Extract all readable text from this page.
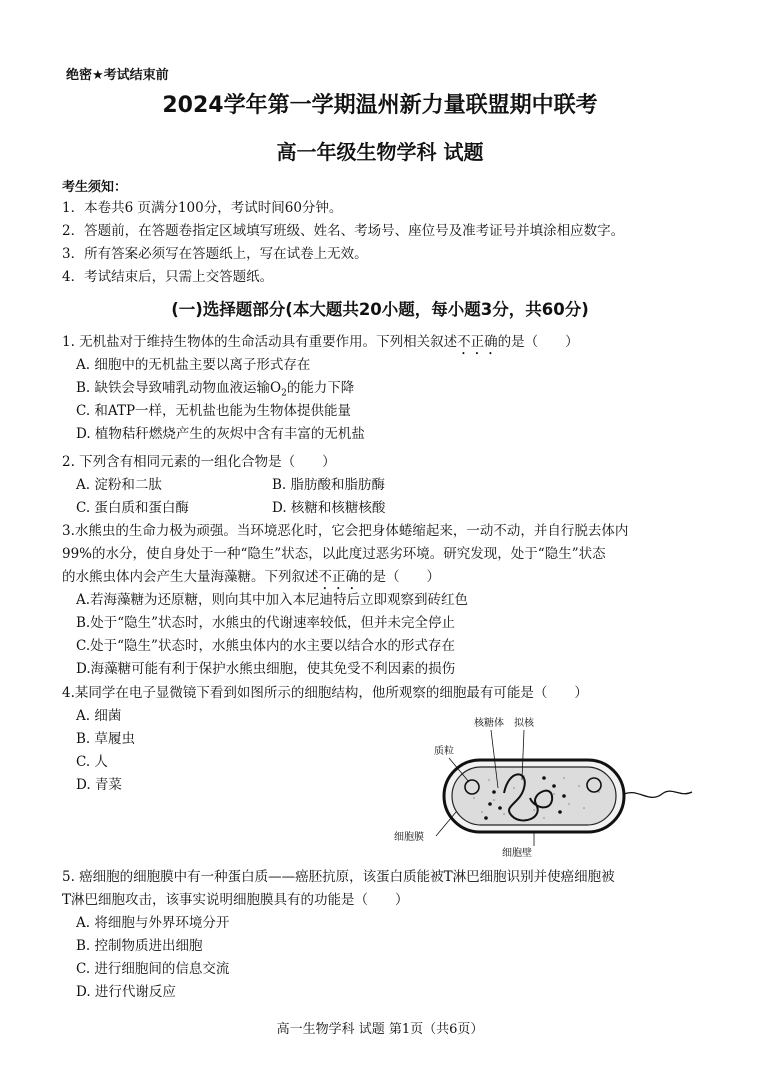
绝密★考试结束前
2024学年第一学期温州新力量联盟期中联考
高一年级生物学科 试题
考生须知：
1．本卷共6 页满分100分，考试时间60分钟。
2．答题前，在答题卷指定区域填写班级、姓名、考场号、座位号及准考证号并填涂相应数字。
3．所有答案必须写在答题纸上，写在试卷上无效。
4．考试结束后，只需上交答题纸。
(一)选择题部分(本大题共20小题，每小题3分，共60分)
1. 无机盐对于维持生物体的生命活动具有重要作用。下列相关叙述不正确的是（　　）
A. 细胞中的无机盐主要以离子形式存在
B. 缺铁会导致哺乳动物血液运输$O_2$的能力下降
C. 和ATP一样，无机盐也能为生物体提供能量
D. 植物秸秆燃烧产生的灰烬中含有丰富的无机盐
2. 下列含有相同元素的一组化合物是（　　）
A. 淀粉和二肽	B. 脂肪酸和脂肪酶
C. 蛋白质和蛋白酶	D. 核糖和核糖核酸
3.水熊虫的生命力极为顽强。当环境恶化时，它会把身体蜷缩起来，一动不动，并自行脱去体内
99%的水分，使自身处于一种“隐生”状态，以此度过恶劣环境。研究发现，处于“隐生”状态
的水熊虫体内会产生大量海藻糖。下列叙述不正确的是（　　）
A.若海藻糖为还原糖，则向其中加入本尼迪特后立即观察到砖红色
B.处于“隐生”状态时，水熊虫的代谢速率较低，但并未完全停止
C.处于“隐生”状态时，水熊虫体内的水主要以结合水的形式存在
D.海藻糖可能有利于保护水熊虫细胞，使其免受不利因素的损伤
4.某同学在电子显微镜下看到如图所示的细胞结构，他所观察的细胞最有可能是（　　）
A. 细菌
B. 草履虫
C. 人
D. 青菜
核糖体 拟核
质粒
细胞膜
细胞壁
5. 癌细胞的细胞膜中有一种蛋白质——癌胚抗原，该蛋白质能被T淋巴细胞识别并使癌细胞被
T淋巴细胞攻击，该事实说明细胞膜具有的功能是（　　）
A. 将细胞与外界环境分开
B. 控制物质进出细胞
C. 进行细胞间的信息交流
D. 进行代谢反应
高一生物学科 试题 第1页（共6页）
